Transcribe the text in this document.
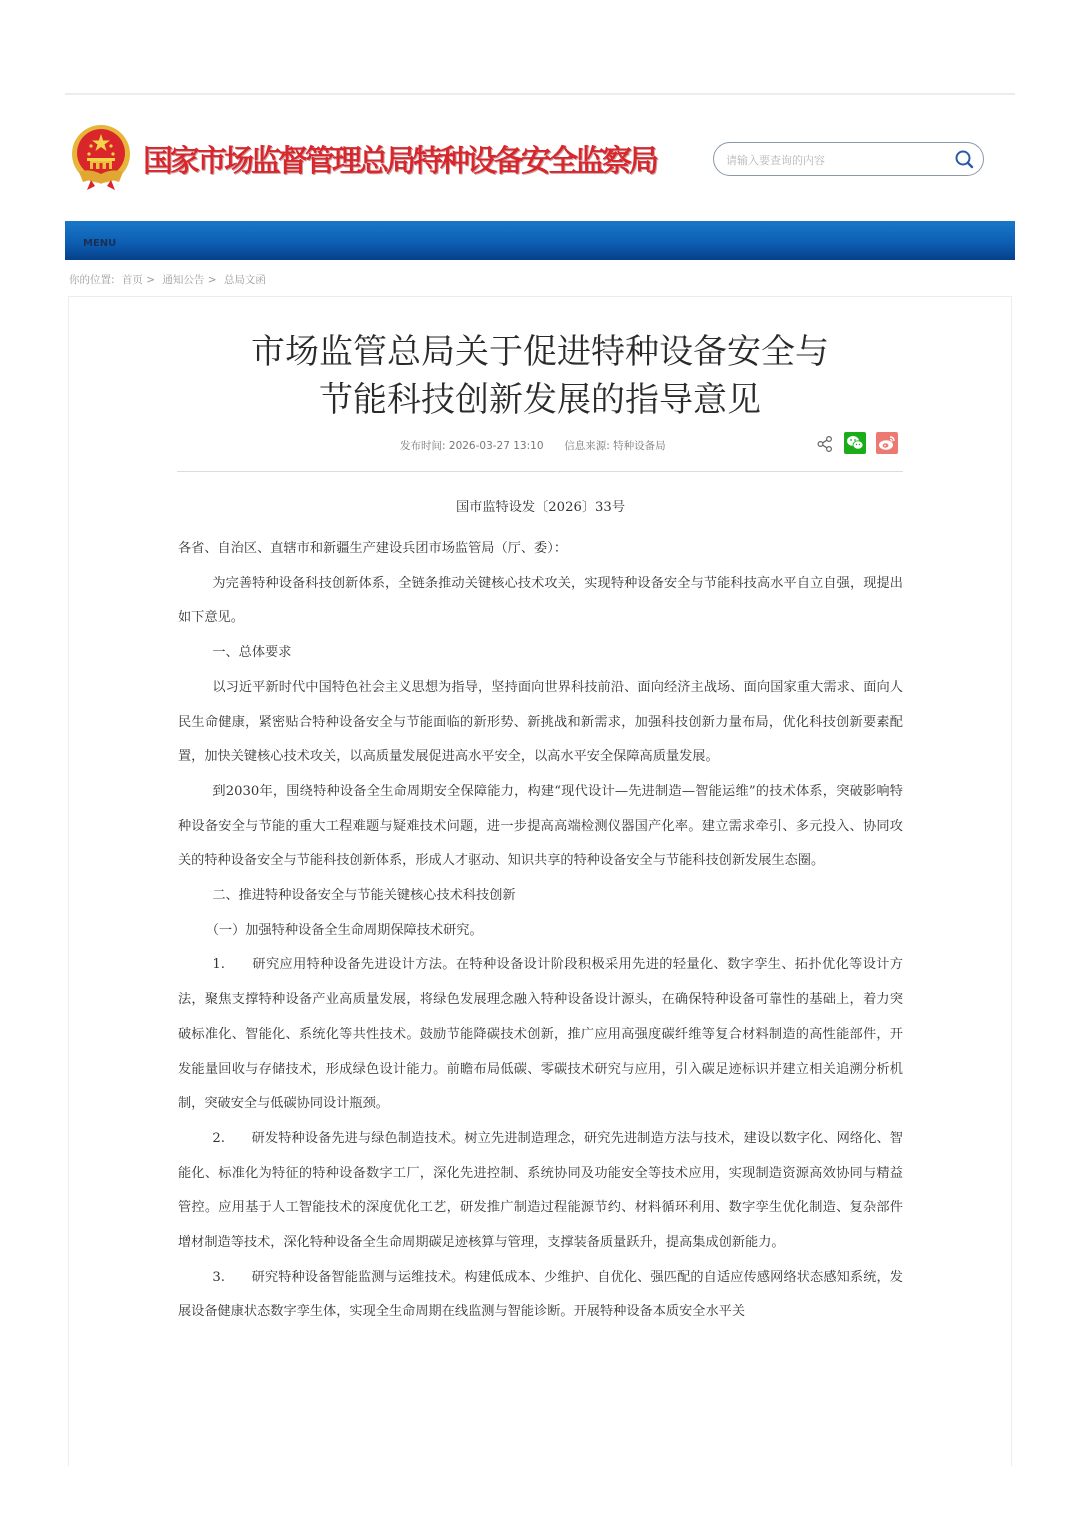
国家市场监督管理总局特种设备安全监察局
请输入要查询的内容
MENU
你的位置: 首页 > 通知公告 > 总局文函
市场监管总局关于促进特种设备安全与
节能科技创新发展的指导意见
发布时间: 2026-03-27 13:10 信息来源: 特种设备局
国市监特设发〔2026〕33号
各省、自治区、直辖市和新疆生产建设兵团市场监管局（厅、委）：
为完善特种设备科技创新体系，全链条推动关键核心技术攻关，实现特种设备安全与节能科技高水平自立自强，现提出如下意见。
一、总体要求
以习近平新时代中国特色社会主义思想为指导，坚持面向世界科技前沿、面向经济主战场、面向国家重大需求、面向人民生命健康，紧密贴合特种设备安全与节能面临的新形势、新挑战和新需求，加强科技创新力量布局，优化科技创新要素配置，加快关键核心技术攻关，以高质量发展促进高水平安全，以高水平安全保障高质量发展。
到2030年，围绕特种设备全生命周期安全保障能力，构建“现代设计—先进制造—智能运维”的技术体系，突破影响特种设备安全与节能的重大工程难题与疑难技术问题，进一步提高高端检测仪器国产化率。建立需求牵引、多元投入、协同攻关的特种设备安全与节能科技创新体系，形成人才驱动、知识共享的特种设备安全与节能科技创新发展生态圈。
二、推进特种设备安全与节能关键核心技术科技创新
（一）加强特种设备全生命周期保障技术研究。
1.　　研究应用特种设备先进设计方法。在特种设备设计阶段积极采用先进的轻量化、数字孪生、拓扑优化等设计方法，聚焦支撑特种设备产业高质量发展，将绿色发展理念融入特种设备设计源头，在确保特种设备可靠性的基础上，着力突破标准化、智能化、系统化等共性技术。鼓励节能降碳技术创新，推广应用高强度碳纤维等复合材料制造的高性能部件，开发能量回收与存储技术，形成绿色设计能力。前瞻布局低碳、零碳技术研究与应用，引入碳足迹标识并建立相关追溯分析机制，突破安全与低碳协同设计瓶颈。
2.　　研发特种设备先进与绿色制造技术。树立先进制造理念，研究先进制造方法与技术，建设以数字化、网络化、智能化、标准化为特征的特种设备数字工厂，深化先进控制、系统协同及功能安全等技术应用，实现制造资源高效协同与精益管控。应用基于人工智能技术的深度优化工艺，研发推广制造过程能源节约、材料循环利用、数字孪生优化制造、复杂部件增材制造等技术，深化特种设备全生命周期碳足迹核算与管理，支撑装备质量跃升，提高集成创新能力。
3.　　研究特种设备智能监测与运维技术。构建低成本、少维护、自优化、强匹配的自适应传感网络状态感知系统，发展设备健康状态数字孪生体，实现全生命周期在线监测与智能诊断。开展特种设备本质安全水平关
